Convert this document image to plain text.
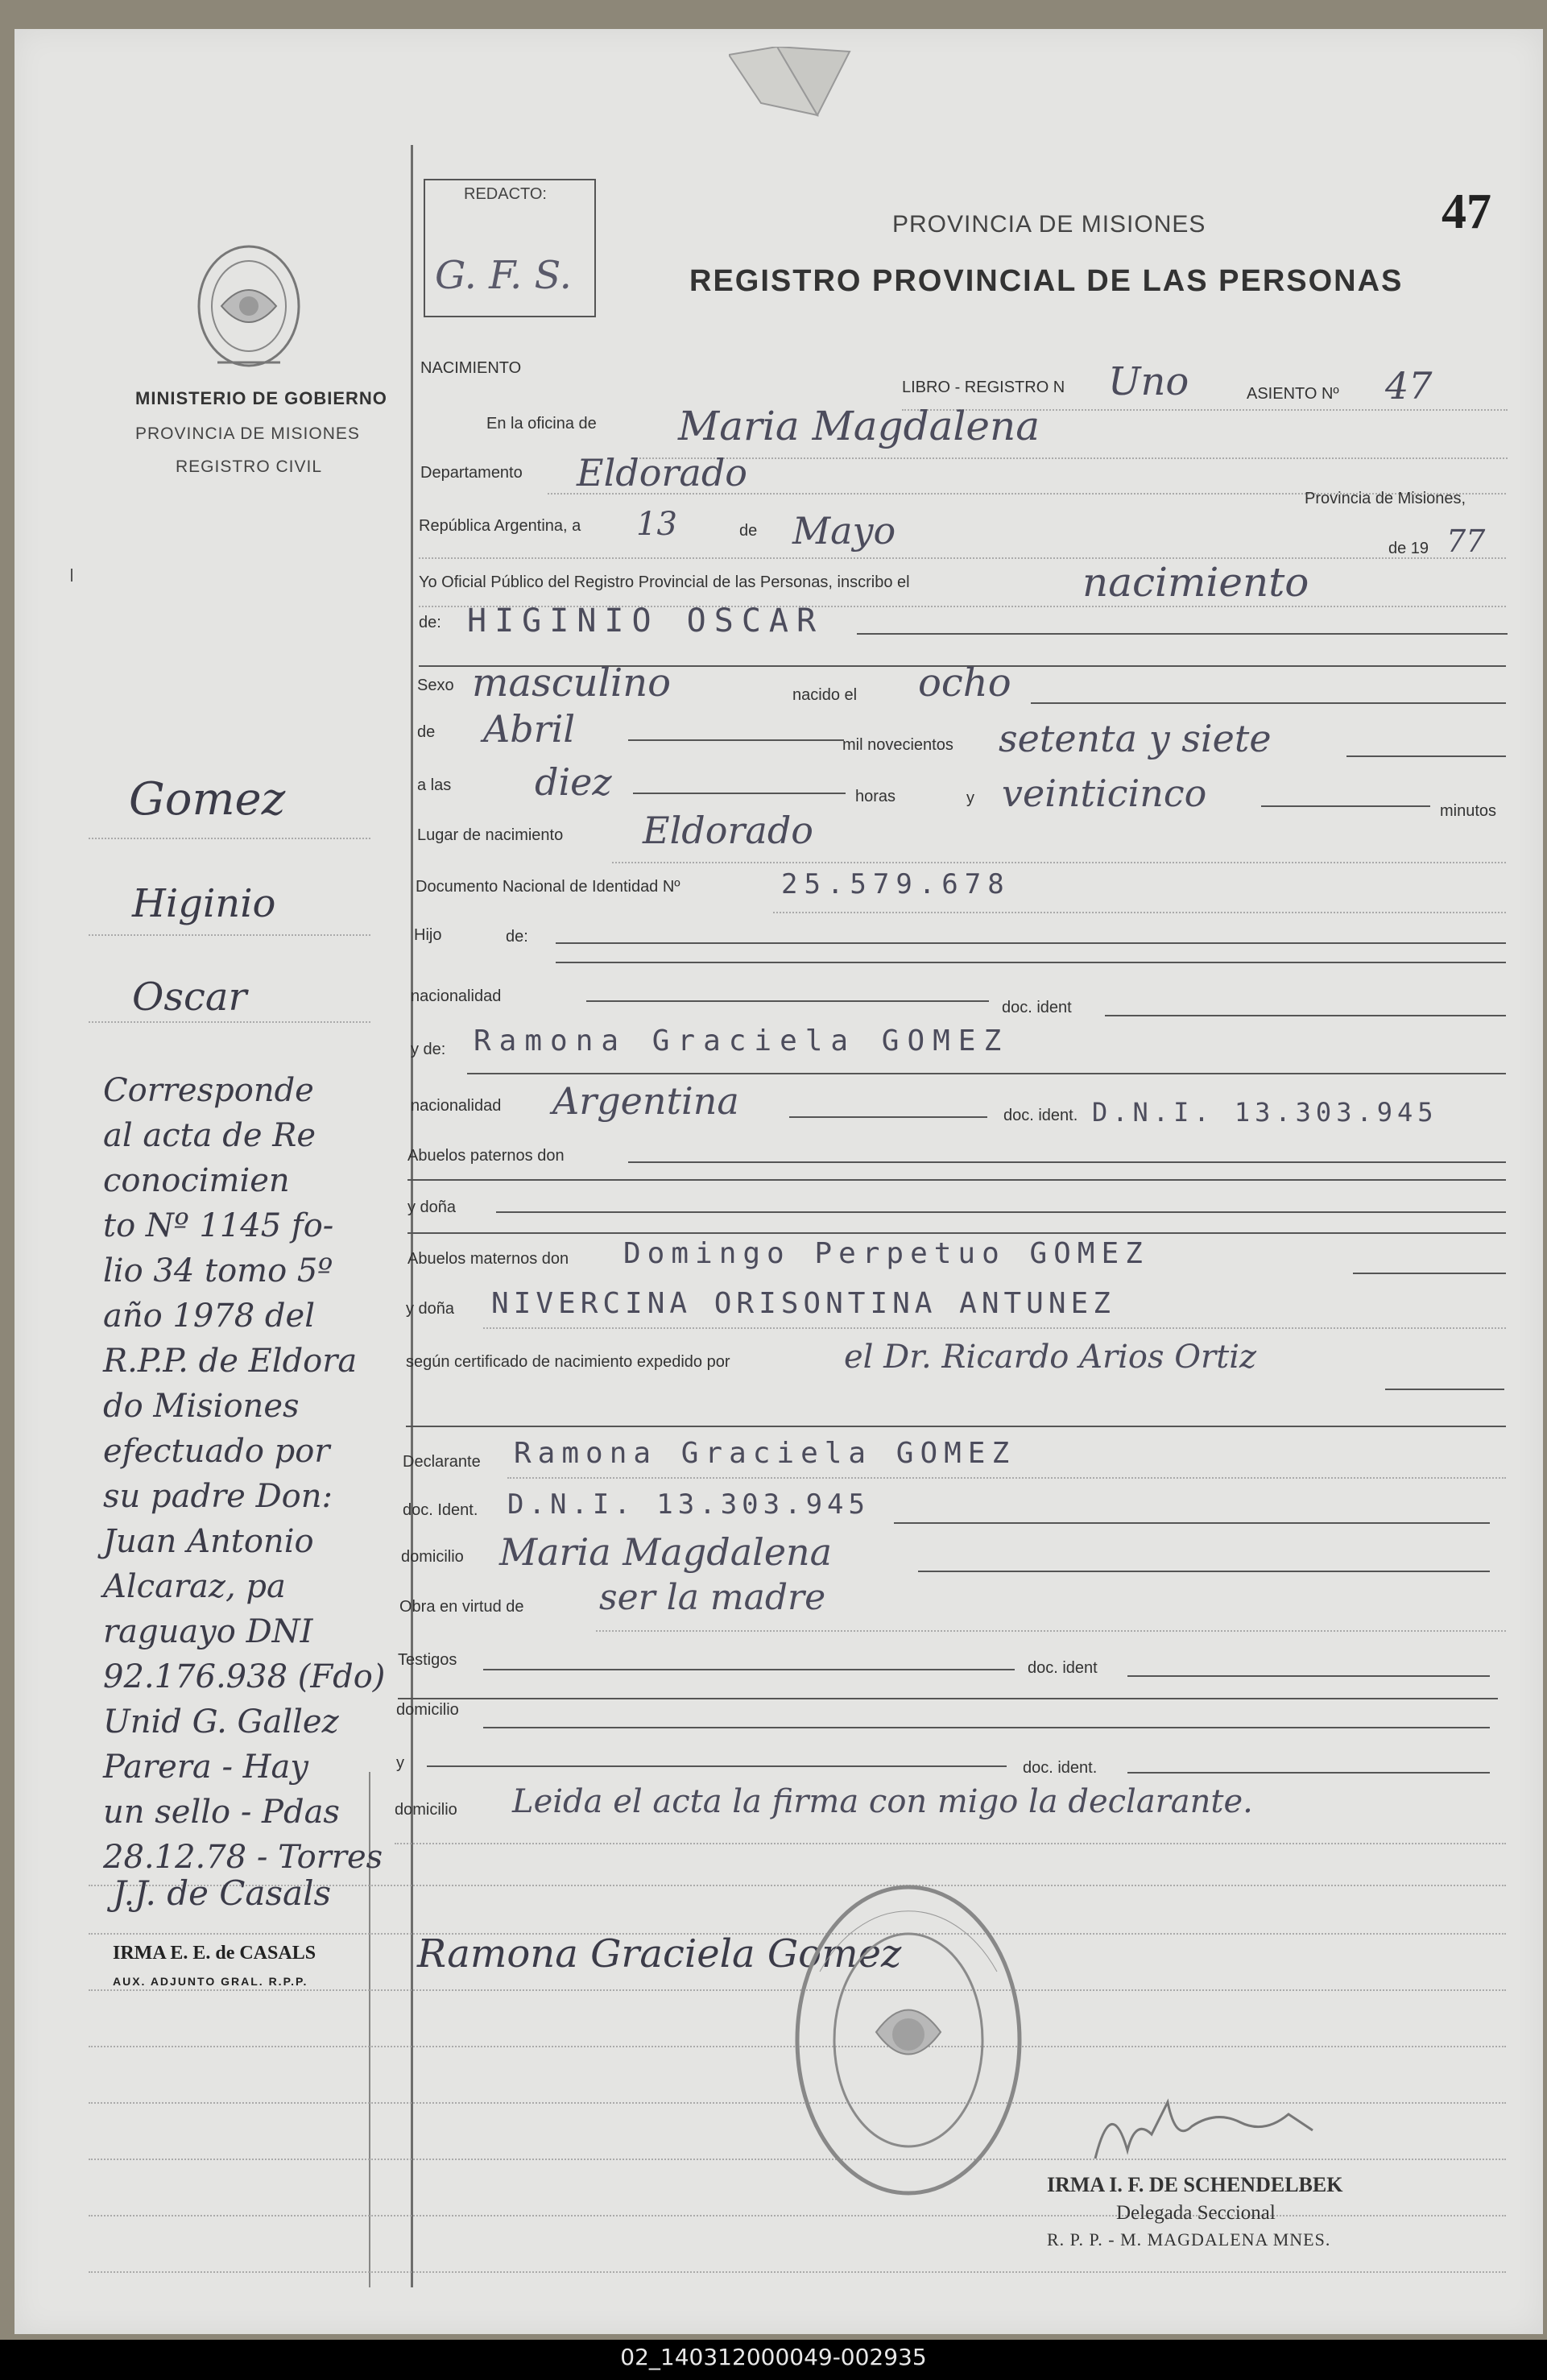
REDACTO:
G. F. S.
47
PROVINCIA DE MISIONES
REGISTRO PROVINCIAL DE LAS PERSONAS
MINISTERIO DE GOBIERNO
PROVINCIA DE MISIONES
REGISTRO CIVIL
NACIMIENTO
LIBRO - REGISTRO N Uno	ASIENTO Nº 47
En la oficina de Maria Magdalena
Departamento Eldorado
Provincia de Misiones,
República Argentina, a 13	de Mayo	de 19 77
Yo Oficial Público del Registro Provincial de las Personas, inscribo el	nacimiento
de: HIGINIO OSCAR
Sexo masculino	nacido el ocho
de Abril	mil novecientos setenta y siete
a las diez	horas	y veinticinco	minutos
Lugar de nacimiento Eldorado
Documento Nacional de Identidad Nº	25.579.678
Hijo	de:
nacionalidad
doc. ident
y de: Ramona Graciela GOMEZ
nacionalidad Argentina	doc. ident. D.N.I. 13.303.945
Abuelos paternos don
y doña
Abuelos maternos don Domingo Perpetuo GOMEZ
y doña NIVERCINA ORISONTINA ANTUNEZ
según certificado de nacimiento expedido por	el Dr. Ricardo Arios Ortiz
Declarante Ramona Graciela GOMEZ
doc. Ident. D.N.I. 13.303.945
domicilio Maria Magdalena
Obra en virtud de ser la madre
Testigos	doc. ident
domicilio
y	doc. ident.
domicilio Leida el acta la firma con migo la declarante.
Gomez
Higinio
Oscar
Corresponde
al acta de Re
conocimien
to Nº 1145 fo-
lio 34 tomo 5º
año 1978 del
R.P.P. de Eldora
do Misiones
efectuado por
su padre Don:
Juan Antonio
Alcaraz, pa
raguayo DNI
92.176.938 (Fdo)
Unid G. Gallez
Parera - Hay
un sello - Pdas
28.12.78 - Torres
J.J. de Casals
IRMA E. E. de CASALS
AUX. ADJUNTO GRAL. R.P.P.
Ramona Graciela Gomez
IRMA I. F. DE SCHENDELBEK
Delegada Seccional
R. P. P. - M. MAGDALENA MNES.
02_140312000049-002935
